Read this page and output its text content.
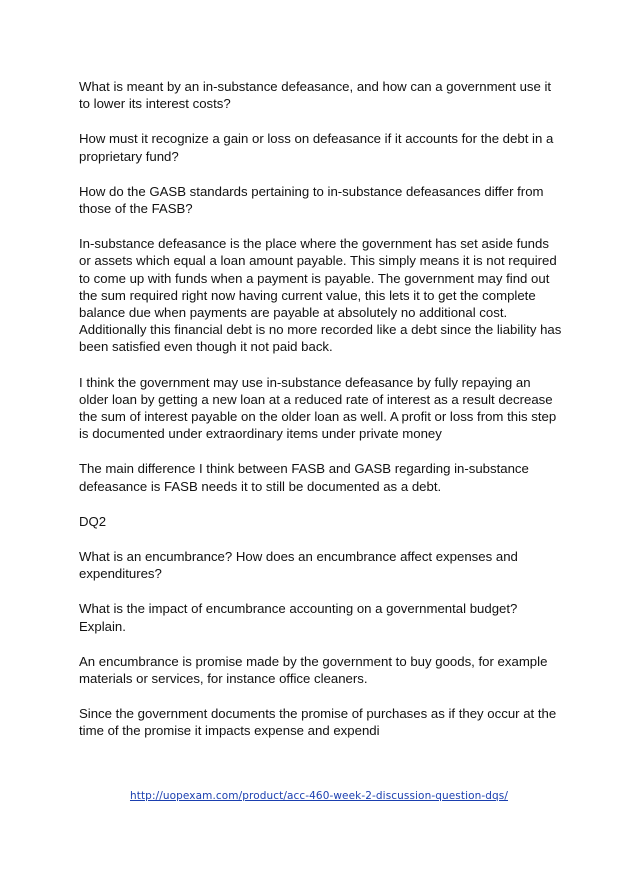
What is meant by an in-substance defeasance, and how can a government use it
to lower its interest costs?

How must it recognize a gain or loss on defeasance if it accounts for the debt in a
proprietary fund?

How do the GASB standards pertaining to in-substance defeasances differ from
those of the FASB?

In-substance defeasance is the place where the government has set aside funds
or assets which equal a loan amount payable. This simply means it is not required
to come up with funds when a payment is payable. The government may find out
the sum required right now having current value, this lets it to get the complete
balance due when payments are payable at absolutely no additional cost.
Additionally this financial debt is no more recorded like a debt since the liability has
been satisfied even though it not paid back.

I think the government may use in-substance defeasance by fully repaying an
older loan by getting a new loan at a reduced rate of interest as a result decrease
the sum of interest payable on the older loan as well. A profit or loss from this step
is documented under extraordinary items under private money

The main difference I think between FASB and GASB regarding in-substance
defeasance is FASB needs it to still be documented as a debt.

DQ2

What is an encumbrance? How does an encumbrance affect expenses and
expenditures?

What is the impact of encumbrance accounting on a governmental budget?
Explain.

An encumbrance is promise made by the government to buy goods, for example
materials or services, for instance office cleaners.

Since the government documents the promise of purchases as if they occur at the
time of the promise it impacts expense and expendi

http://uopexam.com/product/acc-460-week-2-discussion-question-dqs/
